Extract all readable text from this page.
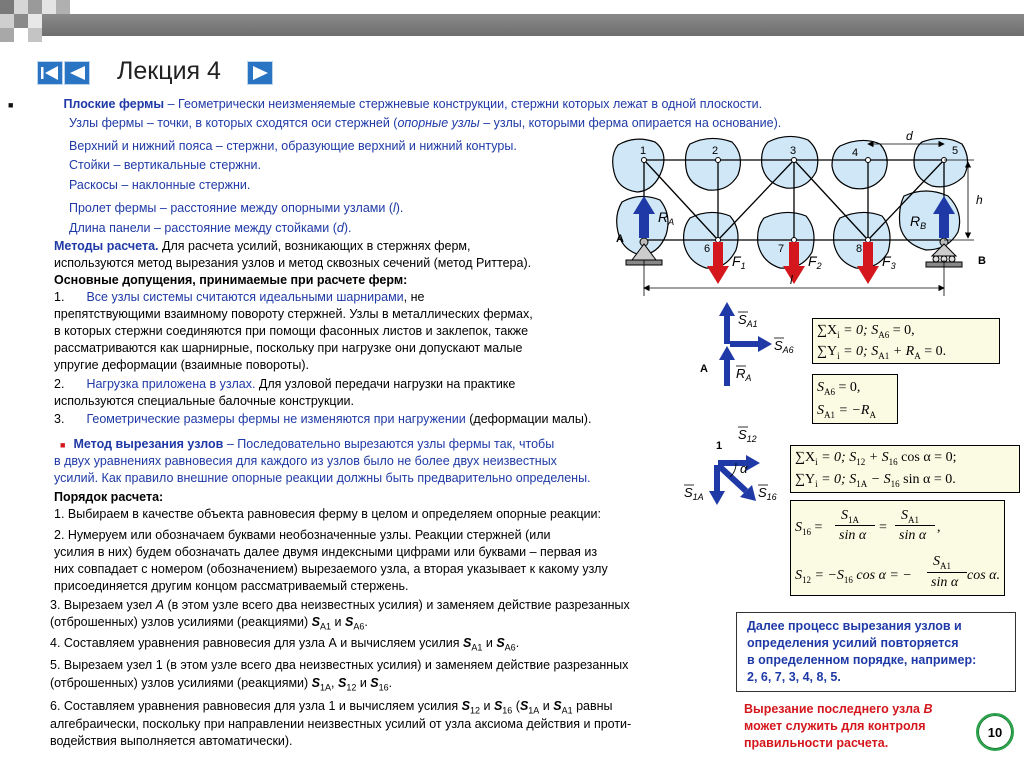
Лекция 4
■	Плоские фермы – Геометрически неизменяемые стержневые конструкции, стержни которых лежат в одной плоскости.
Узлы фермы – точки, в которых сходятся оси стержней (опорные узлы – узлы, которыми ферма опирается на основание).
Верхний и нижний пояса – стержни, образующие верхний и нижний контуры.
Стойки – вертикальные стержни.
Раскосы – наклонные стержни.
Пролет фермы – расстояние между опорными узлами (l).
Длина панели – расстояние между стойками (d).
Методы расчета. Для расчета усилий, возникающих в стержнях ферм,
используются метод вырезания узлов и метод сквозных сечений (метод Риттера).
Основные допущения, принимаемые при расчете ферм:
1. Все узлы системы считаются идеальными шарнирами, не
препятствующими взаимному повороту стержней. Узлы в металлических фермах,
в которых стержни соединяются при помощи фасонных листов и заклепок, также
рассматриваются как шарнирные, поскольку при нагрузке они допускают малые
упругие деформации (взаимные повороты).
2. Нагрузка приложена в узлах. Для узловой передачи нагрузки на практике
используются специальные балочные конструкции.
3. Геометрические размеры фермы не изменяются при нагружении (деформации малы).
■ Метод вырезания узлов – Последовательно вырезаются узлы фермы так, чтобы
в двух уравнениях равновесия для каждого из узлов было не более двух неизвестных
усилий. Как правило внешние опорные реакции должны быть предварительно определены.
Порядок расчета:
1. Выбираем в качестве объекта равновесия ферму в целом и определяем опорные реакции:
2. Нумеруем или обозначаем буквами необозначенные узлы. Реакции стержней (или
усилия в них) будем обозначать далее двумя индексными цифрами или буквами – первая из
них совпадает с номером (обозначением) вырезаемого узла, а вторая указывает к какому узлу
присоединяется другим концом рассматриваемый стержень.
3. Вырезаем узел A (в этом узле всего два неизвестных усилия) и заменяем действие разрезанных
(отброшенных) узлов усилиями (реакциями) $S_{A1}$ и $S_{A6}$.
4. Составляем уравнения равновесия для узла А и вычисляем усилия $S_{A1}$ и $S_{A6}$.
5. Вырезаем узел 1 (в этом узле всего два неизвестных усилия) и заменяем действие разрезанных
(отброшенных) узлов усилиями (реакциями) $S_{1A}$, $S_{12}$ и $S_{16}$.
6. Составляем уравнения равновесия для узла 1 и вычисляем усилия $S_{12}$ и $S_{16}$ ($S_{1A}$ и $S_{A1}$ равны
алгебраически, поскольку при направлении неизвестных усилий от узла аксиома действия и проти-
водействия выполняется автоматически).
1	2	3	4	5
6	7	8
A
B
$R_A$	$R_B$
$F_1$	$F_2$	$F_3$
d
h
l
A
$S_{A1}$
$S_{A6}$
$R_A$
$\sum X_i = 0$; $S_{A6} = 0$,
$\sum Y_i = 0$; $S_{A1} + R_A = 0$.
$S_{A6} = 0$,
$S_{A1} = -R_A$
1
α
$S_{12}$
$S_{1A}$	$S_{16}$
$\sum X_i = 0$; $S_{12} + S_{16}$ cos α = 0;
$\sum Y_i = 0$; $S_{1A} - S_{16}$ sin α = 0.
$S_{16}$ =
$S_{1A}$
sin α
=
$S_{A1}$
sin α
,
$S_{12} = -S_{16}$ cos α = −
$S_{A1}$
sin α cos α.
Далее процесс вырезания узлов и
определения усилий повторяется
в определенном порядке, например:
2, 6, 7, 3, 4, 8, 5.
Вырезание последнего узла B
может служить для контроля
правильности расчета.
10
